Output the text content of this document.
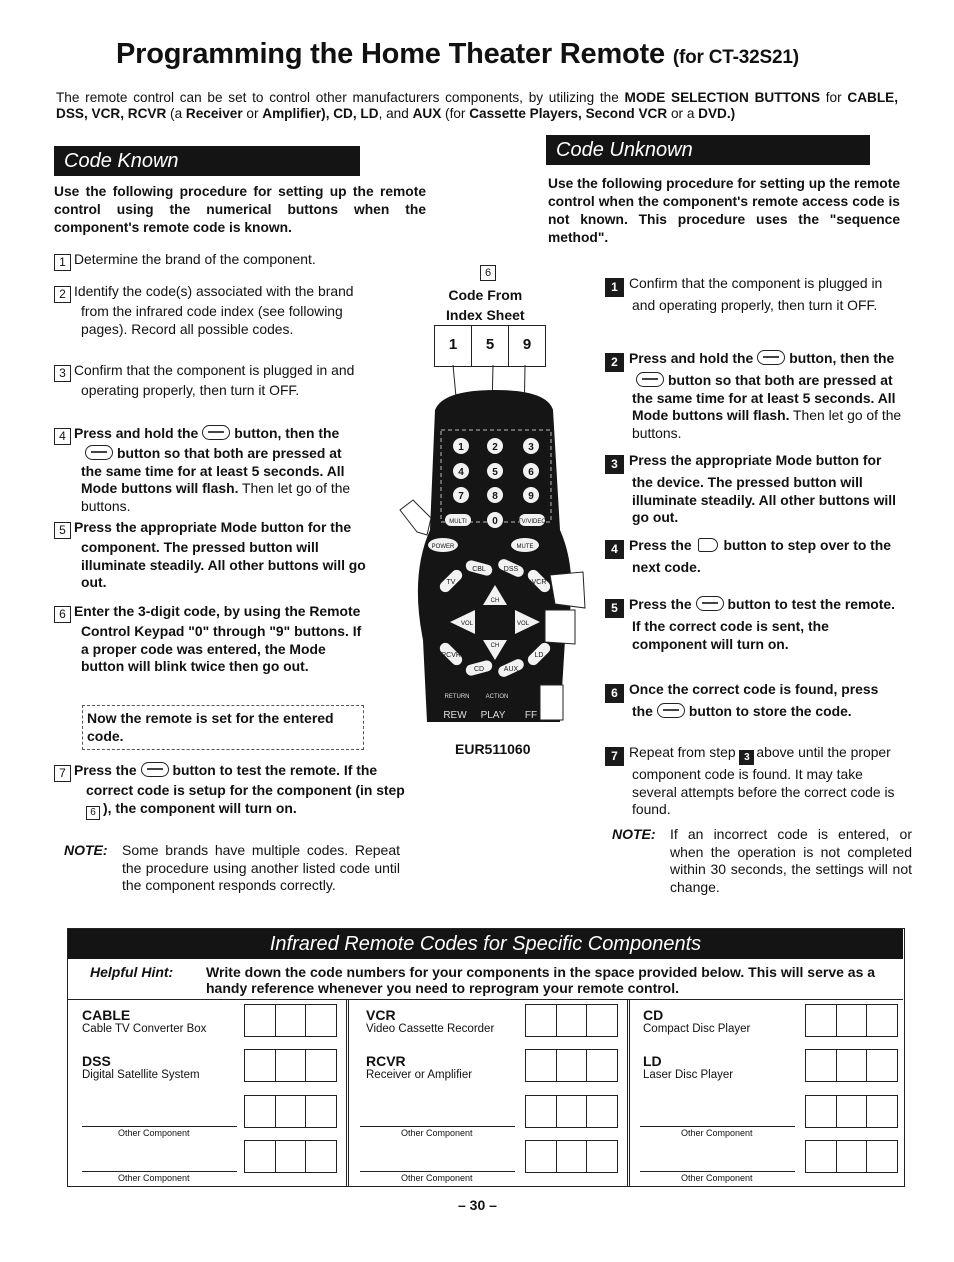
Programming the Home Theater Remote (for CT-32S21)
The remote control can be set to control other manufacturers components, by utilizing the MODE SELECTION BUTTONS for CABLE, DSS, VCR, RCVR (a Receiver or Amplifier), CD, LD, and AUX (for Cassette Players, Second VCR or a DVD.)
Code Known
Use the following procedure for setting up the remote control using the numerical buttons when the component's remote code is known.
1 Determine the brand of the component.
2 Identify the code(s) associated with the brand from the infrared code index (see following pages). Record all possible codes.
3 Confirm that the component is plugged in and operating properly, then turn it OFF.
4 Press and hold the	button, then thebutton so that both are pressed at the same time for at least 5 seconds. All Mode buttons will flash. Then let go of the buttons.
5 Press the appropriate Mode button for the component. The pressed button will illuminate steadily. All other buttons will go out.
6 Enter the 3-digit code, by using the Remote Control Keypad "0" through "9" buttons. If a proper code was entered, the Mode button will blink twice then go out.
Now the remote is set for the entered code.
7 Press the	button to test the remote. If the correct code is setup for the component (in step 6 ), the component will turn on.
NOTE:	Some brands have multiple codes. Repeat the procedure using another listed code until the component responds correctly.
6
Code From
Index Sheet
1	5	9
1	2	3
4	5	6
7	8	9
0
MULTI	TV/VIDEO
POWER	MUTE
CBL	DSS
VCR
TV
RCVR
CD	AUX
LD
VOL	VOL
CH
CH
RETURN	ACTION
REW PLAY FF
EUR511060
Code Unknown
Use the following procedure for setting up the remote control when the component's remote access code is not known. This procedure uses the "sequence method".
1 Confirm that the component is plugged in and operating properly, then turn it OFF.
2 Press and hold the	button, then thebutton so that both are pressed at the same time for at least 5 seconds. All Mode buttons will flash. Then let go of the buttons.
3 Press the appropriate Mode button for the device. The pressed button will illuminate steadily. All other buttons will go out.
4 Press the button to step over to the next code.
5 Press the	button to test the remote. If the correct code is sent, the component will turn on.
6 Once the correct code is found, press the	button to store the code.
7 Repeat from step 3 above until the proper component code is found. It may take several attempts before the correct code is found.
NOTE:	If an incorrect code is entered, or when the operation is not completed within 30 seconds, the settings will not change.
Infrared Remote Codes for Specific Components
Helpful Hint:	Write down the code numbers for your components in the space provided below. This will serve as a handy reference whenever you need to reprogram your remote control.
CABLE
Cable TV Converter Box
DSS
Digital Satellite System
Other Component
Other Component
VCR
Video Cassette Recorder
RCVR
Receiver or Amplifier
Other Component
Other Component
CD
Compact Disc Player
LD
Laser Disc Player
Other Component
Other Component
– 30 –
